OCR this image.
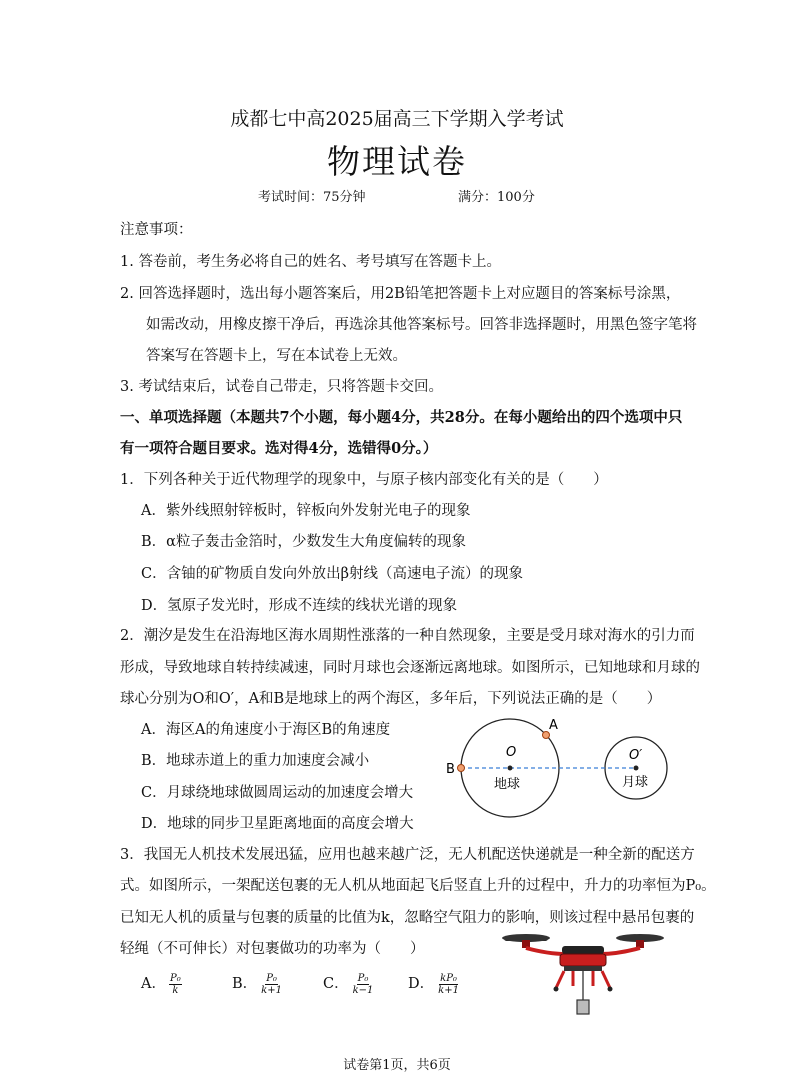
成都七中高2025届高三下学期入学考试
物理试卷
考试时间：75分钟	满分：100分
注意事项：
1. 答卷前，考生务必将自己的姓名、考号填写在答题卡上。
2. 回答选择题时，选出每小题答案后，用2B铅笔把答题卡上对应题目的答案标号涂黑，
如需改动，用橡皮擦干净后，再选涂其他答案标号。回答非选择题时，用黑色签字笔将
答案写在答题卡上，写在本试卷上无效。
3. 考试结束后，试卷自己带走，只将答题卡交回。
一、单项选择题（本题共7个小题，每小题4分，共28分。在每小题给出的四个选项中只
有一项符合题目要求。选对得4分，选错得0分。）
1．下列各种关于近代物理学的现象中，与原子核内部变化有关的是（　　）
A．紫外线照射锌板时，锌板向外发射光电子的现象
B．α粒子轰击金箔时，少数发生大角度偏转的现象
C．含铀的矿物质自发向外放出β射线（高速电子流）的现象
D．氢原子发光时，形成不连续的线状光谱的现象
2．潮汐是发生在沿海地区海水周期性涨落的一种自然现象，主要是受月球对海水的引力而
形成，导致地球自转持续减速，同时月球也会逐渐远离地球。如图所示，已知地球和月球的
球心分别为O和O′，A和B是地球上的两个海区，多年后，下列说法正确的是（　　）
A．海区A的角速度小于海区B的角速度
B．地球赤道上的重力加速度会减小
C．月球绕地球做圆周运动的加速度会增大
D．地球的同步卫星距离地面的高度会增大
A
B
O	O′
地球	月球
3．我国无人机技术发展迅猛，应用也越来越广泛，无人机配送快递就是一种全新的配送方
式。如图所示，一架配送包裹的无人机从地面起飞后竖直上升的过程中，升力的功率恒为P₀。
已知无人机的质量与包裹的质量的比值为k，忽略空气阻力的影响，则该过程中悬吊包裹的
轻绳（不可伸长）对包裹做功的功率为（　　）
A． $\frac{\text{P₀}}{k}$	B． $\frac{\text{P₀}}{k+1}$	C． $\frac{\text{P₀}}{k-1}$ D． $\frac{\text{kP₀}}{k+1}$
试卷第1页，共6页
